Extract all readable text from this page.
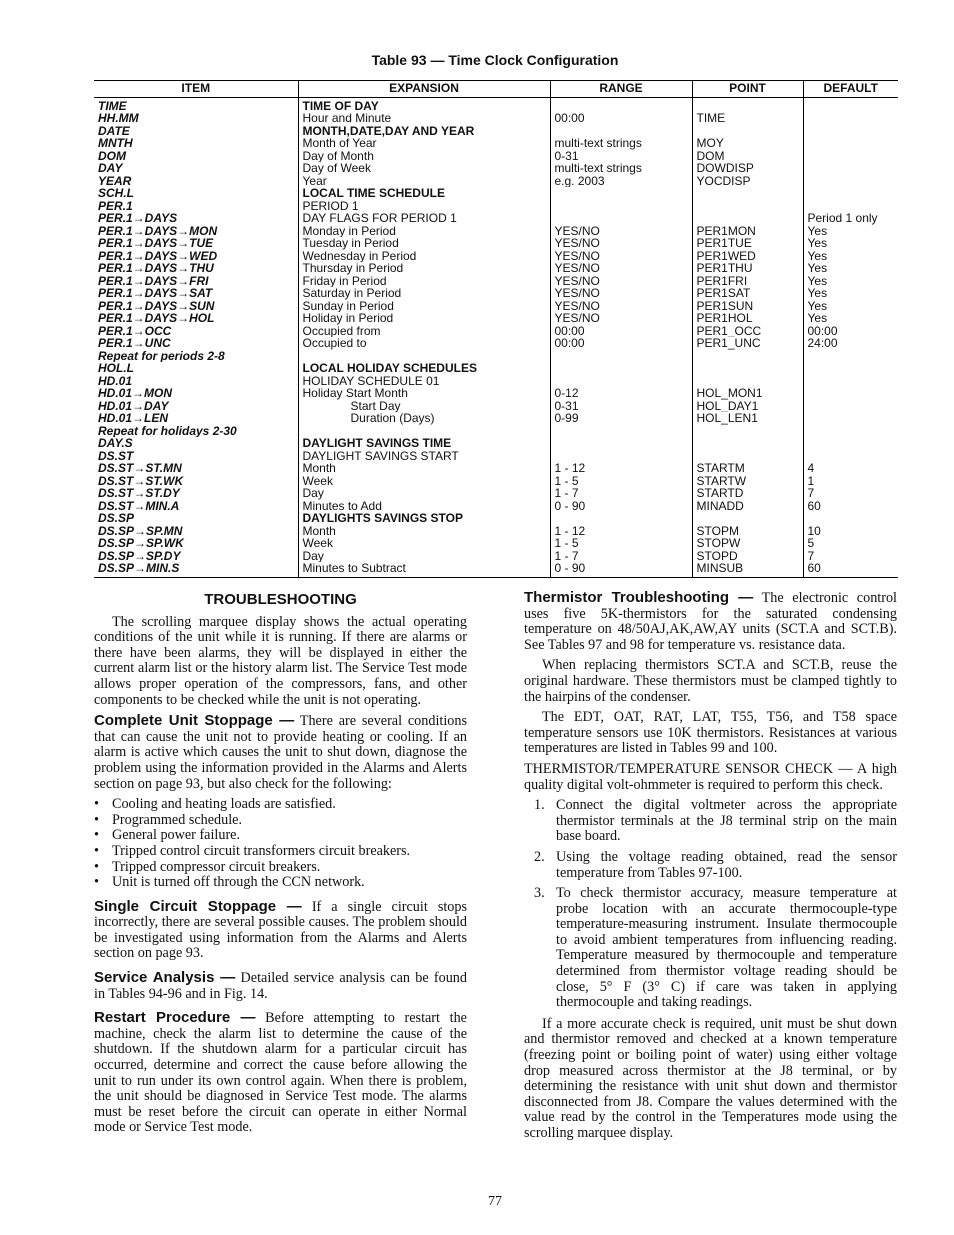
Table 93 — Time Clock Configuration
ITEM	EXPANSION	RANGE	POINT	DEFAULT
TIME	TIME OF DAY			
HH.MM	Hour and Minute	00:00	TIME	
DATE	MONTH,DATE,DAY AND YEAR			
MNTH	Month of Year	multi-text strings	MOY	
DOM	Day of Month	0-31	DOM	
DAY	Day of Week	multi-text strings	DOWDISP	
YEAR	Year	e.g. 2003	YOCDISP	
SCH.L	LOCAL TIME SCHEDULE			
PER.1	PERIOD 1			
PER.1→DAYS	DAY FLAGS FOR PERIOD 1			Period 1 only
PER.1→DAYS→MON	Monday in Period	YES/NO	PER1MON	Yes
PER.1→DAYS→TUE	Tuesday in Period	YES/NO	PER1TUE	Yes
PER.1→DAYS→WED	Wednesday in Period	YES/NO	PER1WED	Yes
PER.1→DAYS→THU	Thursday in Period	YES/NO	PER1THU	Yes
PER.1→DAYS→FRI	Friday in Period	YES/NO	PER1FRI	Yes
PER.1→DAYS→SAT	Saturday in Period	YES/NO	PER1SAT	Yes
PER.1→DAYS→SUN	Sunday in Period	YES/NO	PER1SUN	Yes
PER.1→DAYS→HOL	Holiday in Period	YES/NO	PER1HOL	Yes
PER.1→OCC	Occupied from	00:00	PER1_OCC	00:00
PER.1→UNC	Occupied to	00:00	PER1_UNC	24:00
Repeat for periods 2-8				
HOL.L	LOCAL HOLIDAY SCHEDULES			
HD.01	HOLIDAY SCHEDULE 01			
HD.01→MON	Holiday Start Month	0-12	HOL_MON1	
HD.01→DAY	Start Day	0-31	HOL_DAY1	
HD.01→LEN	Duration (Days)	0-99	HOL_LEN1	
Repeat for holidays 2-30				
DAY.S	DAYLIGHT SAVINGS TIME			
DS.ST	DAYLIGHT SAVINGS START			
DS.ST→ST.MN	Month	1 - 12	STARTM	4
DS.ST→ST.WK	Week	1 - 5	STARTW	1
DS.ST→ST.DY	Day	1 - 7	STARTD	7
DS.ST→MIN.A	Minutes to Add	0 - 90	MINADD	60
DS.SP	DAYLIGHTS SAVINGS STOP			
DS.SP→SP.MN	Month	1 - 12	STOPM	10
DS.SP→SP.WK	Week	1 - 5	STOPW	5
DS.SP→SP.DY	Day	1 - 7	STOPD	7
DS.SP→MIN.S	Minutes to Subtract	0 - 90	MINSUB	60
TROUBLESHOOTING

The scrolling marquee display shows the actual operating conditions of the unit while it is running. If there are alarms or there have been alarms, they will be displayed in either the current alarm list or the history alarm list. The Service Test mode allows proper operation of the compressors, fans, and other components to be checked while the unit is not operating.

Complete Unit Stoppage — There are several conditions that can cause the unit not to provide heating or cooling. If an alarm is active which causes the unit to shut down, diagnose the problem using the information provided in the Alarms and Alerts section on page 93, but also check for the following:

• Cooling and heating loads are satisfied.
• Programmed schedule.
• General power failure.
• Tripped control circuit transformers circuit breakers.
• Tripped compressor circuit breakers.
• Unit is turned off through the CCN network.

Single Circuit Stoppage — If a single circuit stops incorrectly, there are several possible causes. The problem should be investigated using information from the Alarms and Alerts section on page 93.

Service Analysis — Detailed service analysis can be found in Tables 94-96 and in Fig. 14.

Restart Procedure — Before attempting to restart the machine, check the alarm list to determine the cause of the shutdown. If the shutdown alarm for a particular circuit has occurred, determine and correct the cause before allowing the unit to run under its own control again. When there is problem, the unit should be diagnosed in Service Test mode. The alarms must be reset before the circuit can operate in either Normal mode or Service Test mode.

Thermistor Troubleshooting — The electronic control uses five 5K-thermistors for the saturated condensing temperature on 48/50AJ,AK,AW,AY units (SCT.A and SCT.B). See Tables 97 and 98 for temperature vs. resistance data.

When replacing thermistors SCT.A and SCT.B, reuse the original hardware. These thermistors must be clamped tightly to the hairpins of the condenser.

The EDT, OAT, RAT, LAT, T55, T56, and T58 space temperature sensors use 10K thermistors. Resistances at various temperatures are listed in Tables 99 and 100.

THERMISTOR/TEMPERATURE SENSOR CHECK — A high quality digital volt-ohmmeter is required to perform this check.

1. Connect the digital voltmeter across the appropriate thermistor terminals at the J8 terminal strip on the main base board.
2. Using the voltage reading obtained, read the sensor temperature from Tables 97-100.
3. To check thermistor accuracy, measure temperature at probe location with an accurate thermocouple-type temperature-measuring instrument. Insulate thermocouple to avoid ambient temperatures from influencing reading. Temperature measured by thermocouple and temperature determined from thermistor voltage reading should be close, 5° F (3° C) if care was taken in applying thermocouple and taking readings.

If a more accurate check is required, unit must be shut down and thermistor removed and checked at a known temperature (freezing point or boiling point of water) using either voltage drop measured across thermistor at the J8 terminal, or by determining the resistance with unit shut down and thermistor disconnected from J8. Compare the values determined with the value read by the control in the Temperatures mode using the scrolling marquee display.

77
